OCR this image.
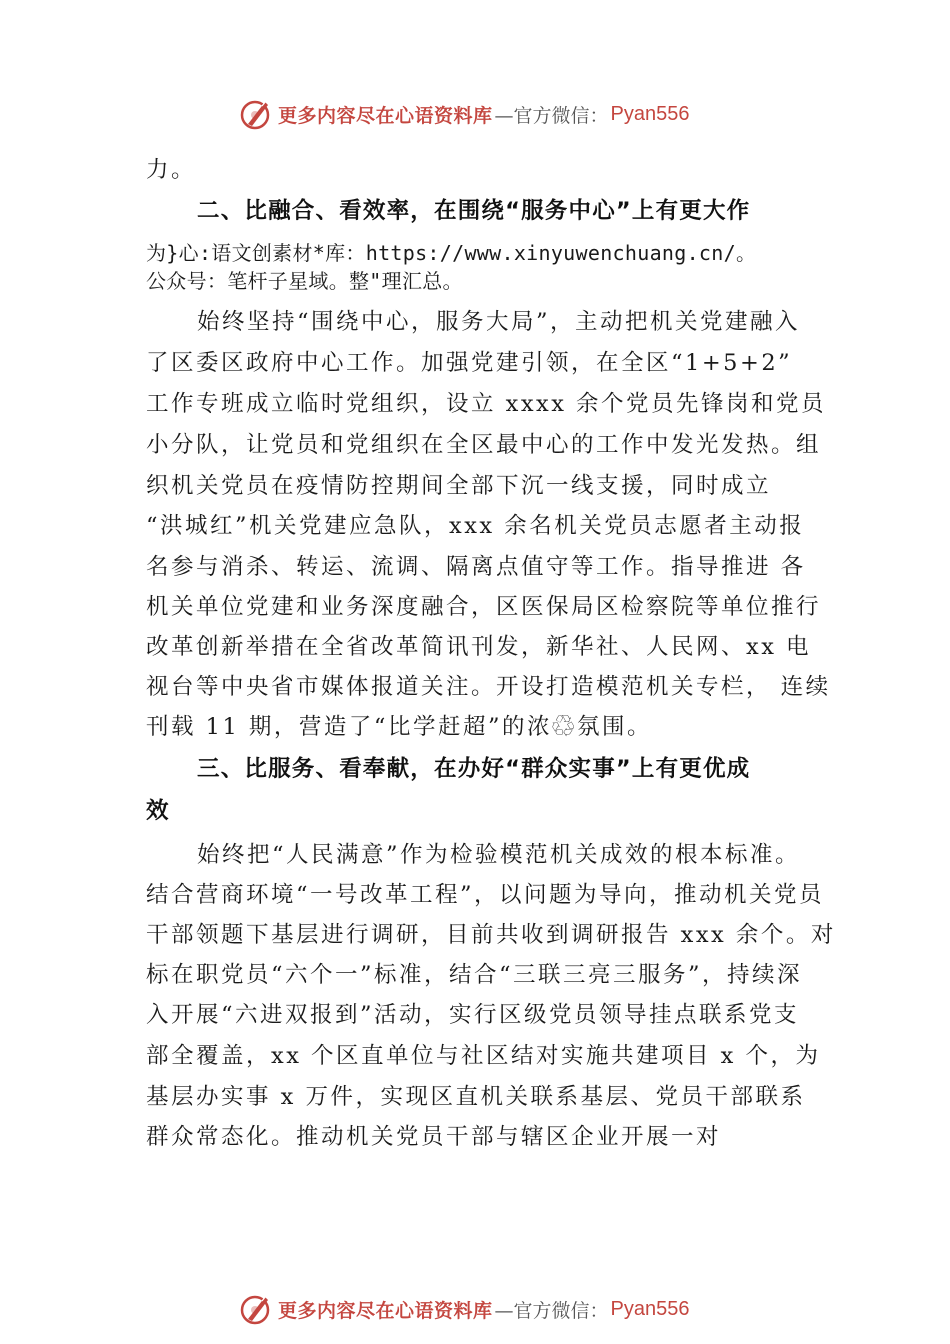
更多内容尽在心语资料库 —官方微信： Pyan556
力。
二、比融合、看效率，在围绕“服务中心”上有更大作
为}心:语文创素材*库：https://www.xinyuwenchuang.cn/。
公众号：笔杆子星域。整"理汇总。
始终坚持“围绕中心，服务大局”，主动把机关党建融入
了区委区政府中心工作。加强党建引领，在全区“1+5+2”
工作专班成立临时党组织，设立 xxxx 余个党员先锋岗和党员
小分队，让党员和党组织在全区最中心的工作中发光发热。组
织机关党员在疫情防控期间全部下沉一线支援，同时成立
“洪城红”机关党建应急队，xxx 余名机关党员志愿者主动报
名参与消杀、转运、流调、隔离点值守等工作。指导推进 各
机关单位党建和业务深度融合，区医保局区检察院等单位推行
改革创新举措在全省改革简讯刊发，新华社、人民网、xx 电
视台等中央省市媒体报道关注。开设打造模范机关专栏， 连续
刊载 11 期，营造了“比学赶超”的浓♲氛围。
三、比服务、看奉献，在办好“群众实事”上有更优成
效
始终把“人民满意”作为检验模范机关成效的根本标准。
结合营商环境“一号改革工程”，以问题为导向，推动机关党员
干部领题下基层进行调研，目前共收到调研报告 xxx 余个。对
标在职党员“六个一”标准，结合“三联三亮三服务”，持续深
入开展“六进双报到”活动，实行区级党员领导挂点联系党支
部全覆盖，xx 个区直单位与社区结对实施共建项目 x 个，为
基层办实事 x 万件，实现区直机关联系基层、党员干部联系
群众常态化。推动机关党员干部与辖区企业开展一对
更多内容尽在心语资料库 —官方微信： Pyan556
